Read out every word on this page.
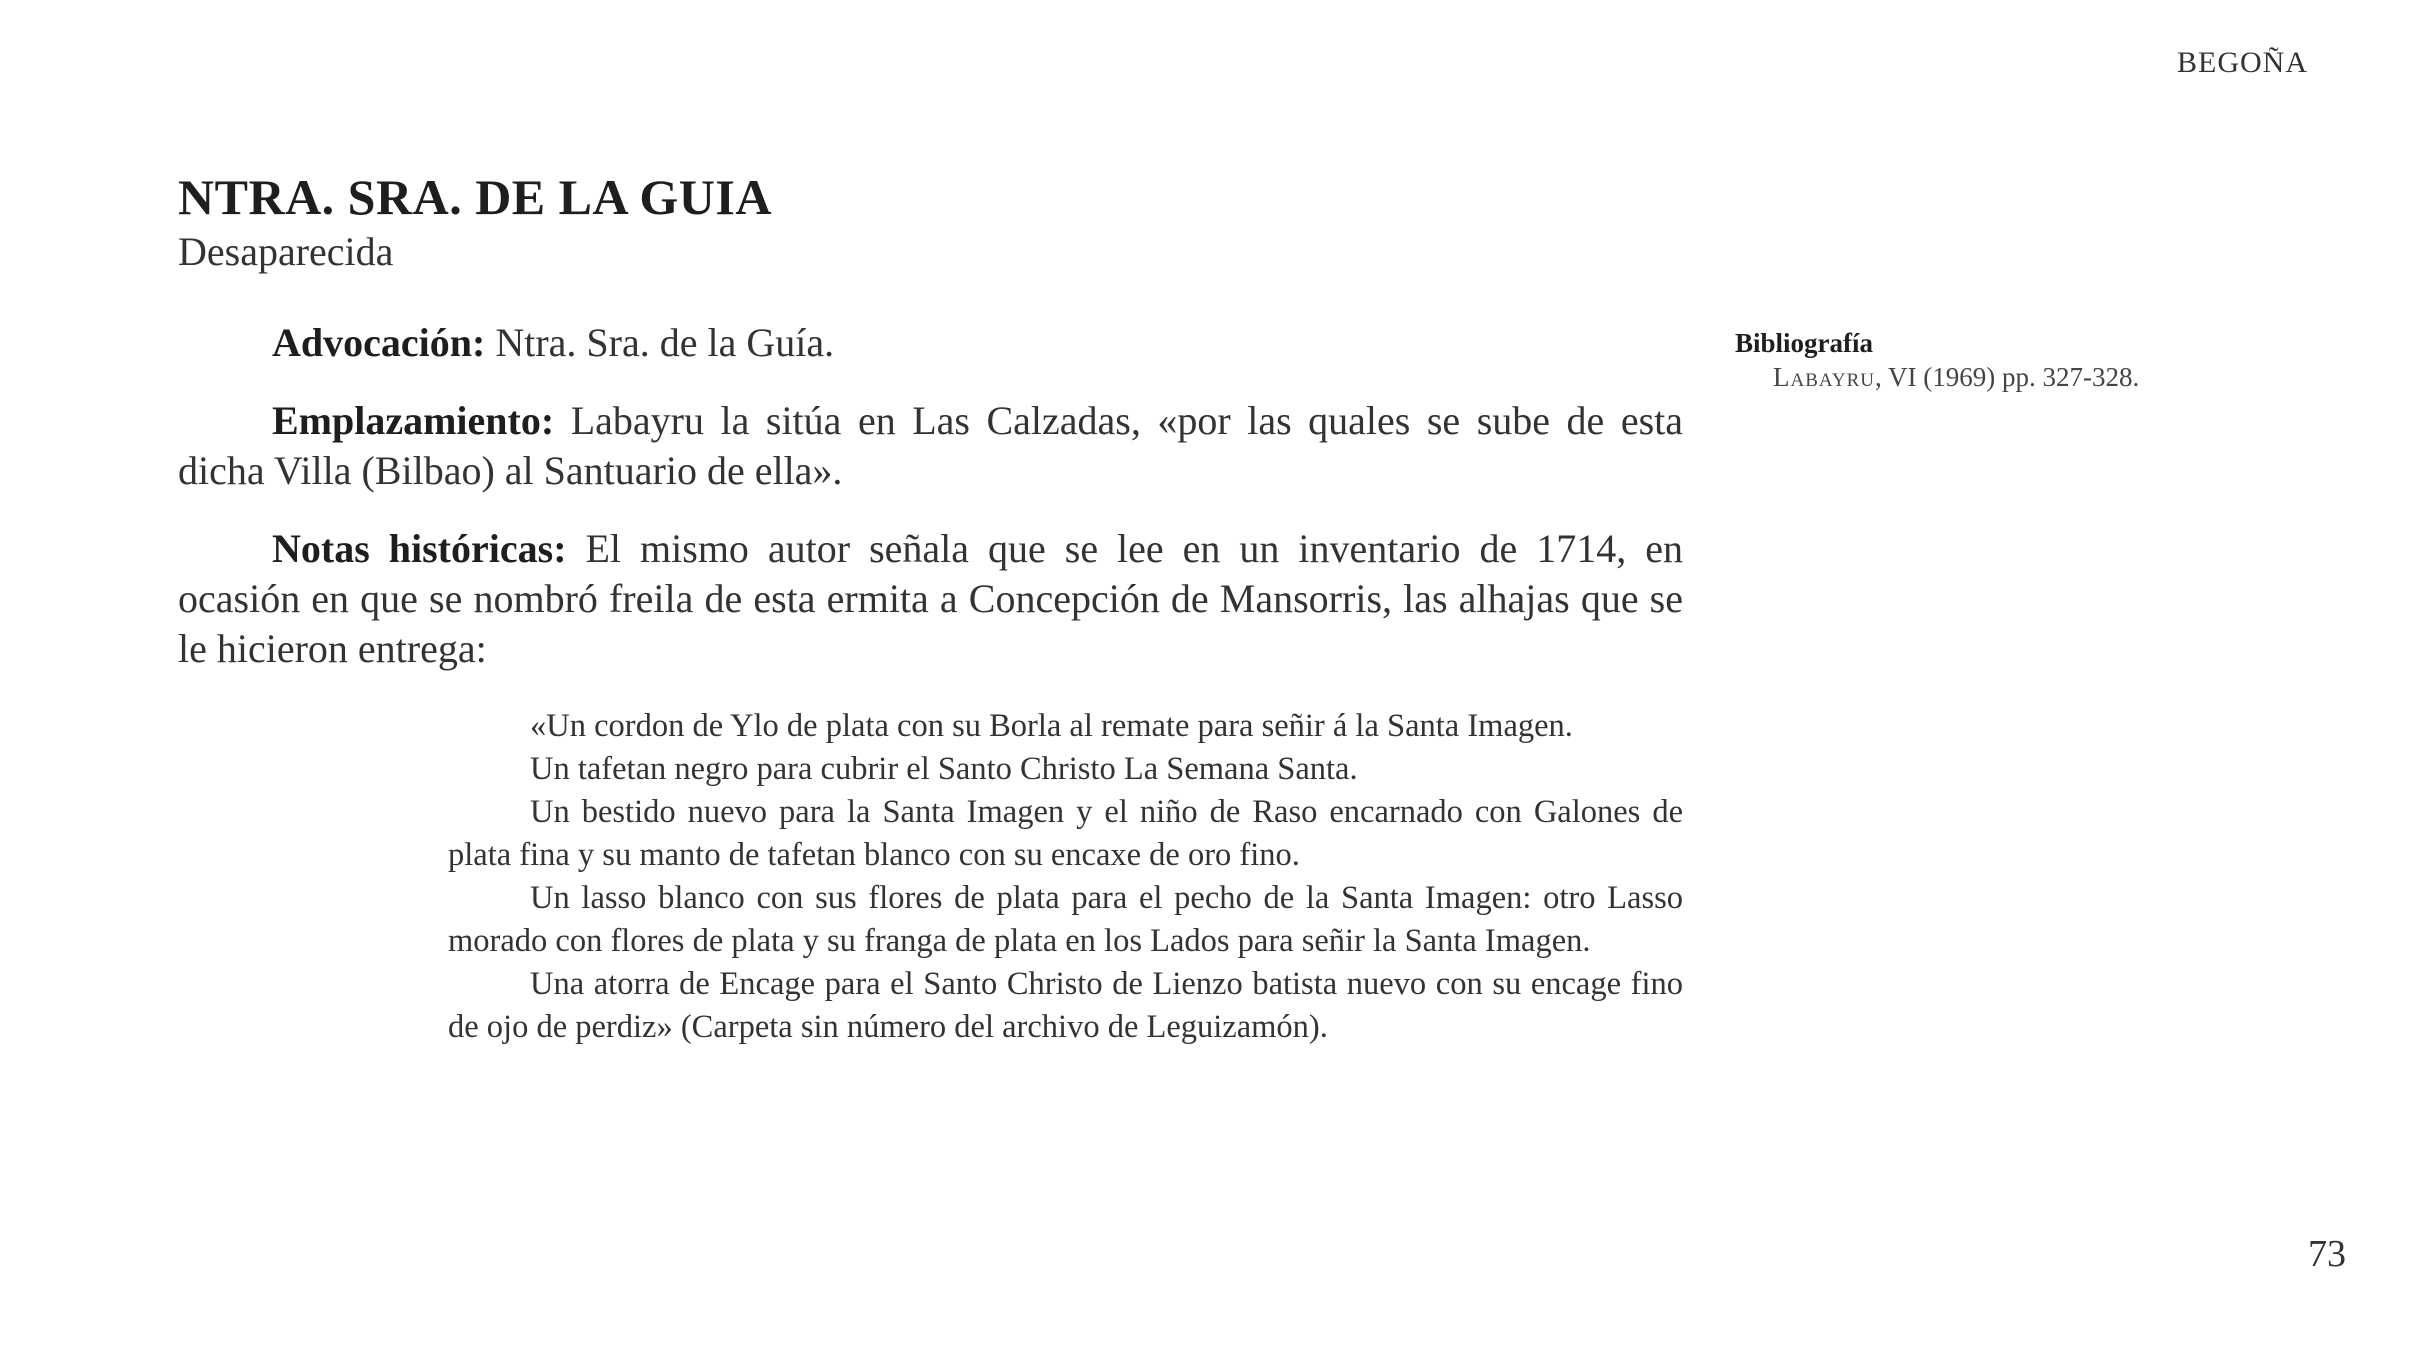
BEGOÑA
NTRA. SRA. DE LA GUIA
Desaparecida

Advocación: Ntra. Sra. de la Guía.

Emplazamiento: Labayru la sitúa en Las Calzadas, «por las quales se sube de esta dicha Villa (Bilbao) al Santuario de ella».

Notas históricas: El mismo autor señala que se lee en un inventario de 1714, en ocasión en que se nombró freila de esta ermita a Concepción de Mansorris, las alhajas que se le hicieron entrega:

«Un cordon de Ylo de plata con su Borla al remate para señir á la Santa Imagen.

Un tafetan negro para cubrir el Santo Christo La Semana Santa.

Un bestido nuevo para la Santa Imagen y el niño de Raso encarnado con Galones de plata fina y su manto de tafetan blanco con su encaxe de oro fino.

Un lasso blanco con sus flores de plata para el pecho de la Santa Imagen: otro Lasso morado con flores de plata y su franga de plata en los Lados para señir la Santa Imagen.

Una atorra de Encage para el Santo Christo de Lienzo batista nuevo con su encage fino de ojo de perdiz» (Carpeta sin número del archivo de Leguizamón).

Bibliografía
Labayru, VI (1969) pp. 327-328.
73
